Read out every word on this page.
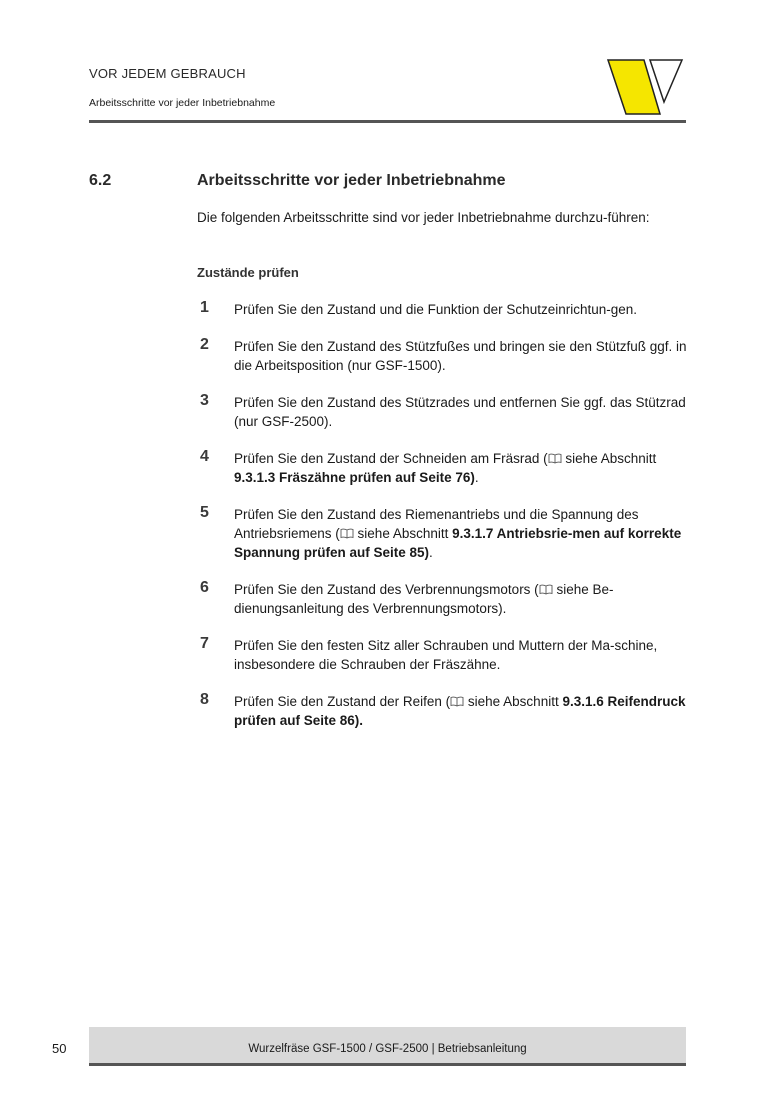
VOR JEDEM GEBRAUCH
Arbeitsschritte vor jeder Inbetriebnahme
6.2	Arbeitsschritte vor jeder Inbetriebnahme
Die folgenden Arbeitsschritte sind vor jeder Inbetriebnahme durchzu-führen:
Zustände prüfen
1 Prüfen Sie den Zustand und die Funktion der Schutzeinrichtun-gen.
2 Prüfen Sie den Zustand des Stützfußes und bringen sie den Stützfuß ggf. in die Arbeitsposition (nur GSF-1500).
3 Prüfen Sie den Zustand des Stützrades und entfernen Sie ggf. das Stützrad (nur GSF-2500).
4 Prüfen Sie den Zustand der Schneiden am Fräsrad ( siehe Abschnitt 9.3.1.3 Fräszähne prüfen auf Seite 76).
5 Prüfen Sie den Zustand des Riemenantriebs und die Spannung des Antriebsriemens ( siehe Abschnitt 9.3.1.7 Antriebsrie-men auf korrekte Spannung prüfen auf Seite 85).
6 Prüfen Sie den Zustand des Verbrennungsmotors ( siehe Be-dienungsanleitung des Verbrennungsmotors).
7 Prüfen Sie den festen Sitz aller Schrauben und Muttern der Ma-schine, insbesondere die Schrauben der Fräszähne.
8 Prüfen Sie den Zustand der Reifen ( siehe Abschnitt 9.3.1.6 Reifendruck prüfen auf Seite 86).
50	Wurzelfräse GSF-1500 / GSF-2500 | Betriebsanleitung
